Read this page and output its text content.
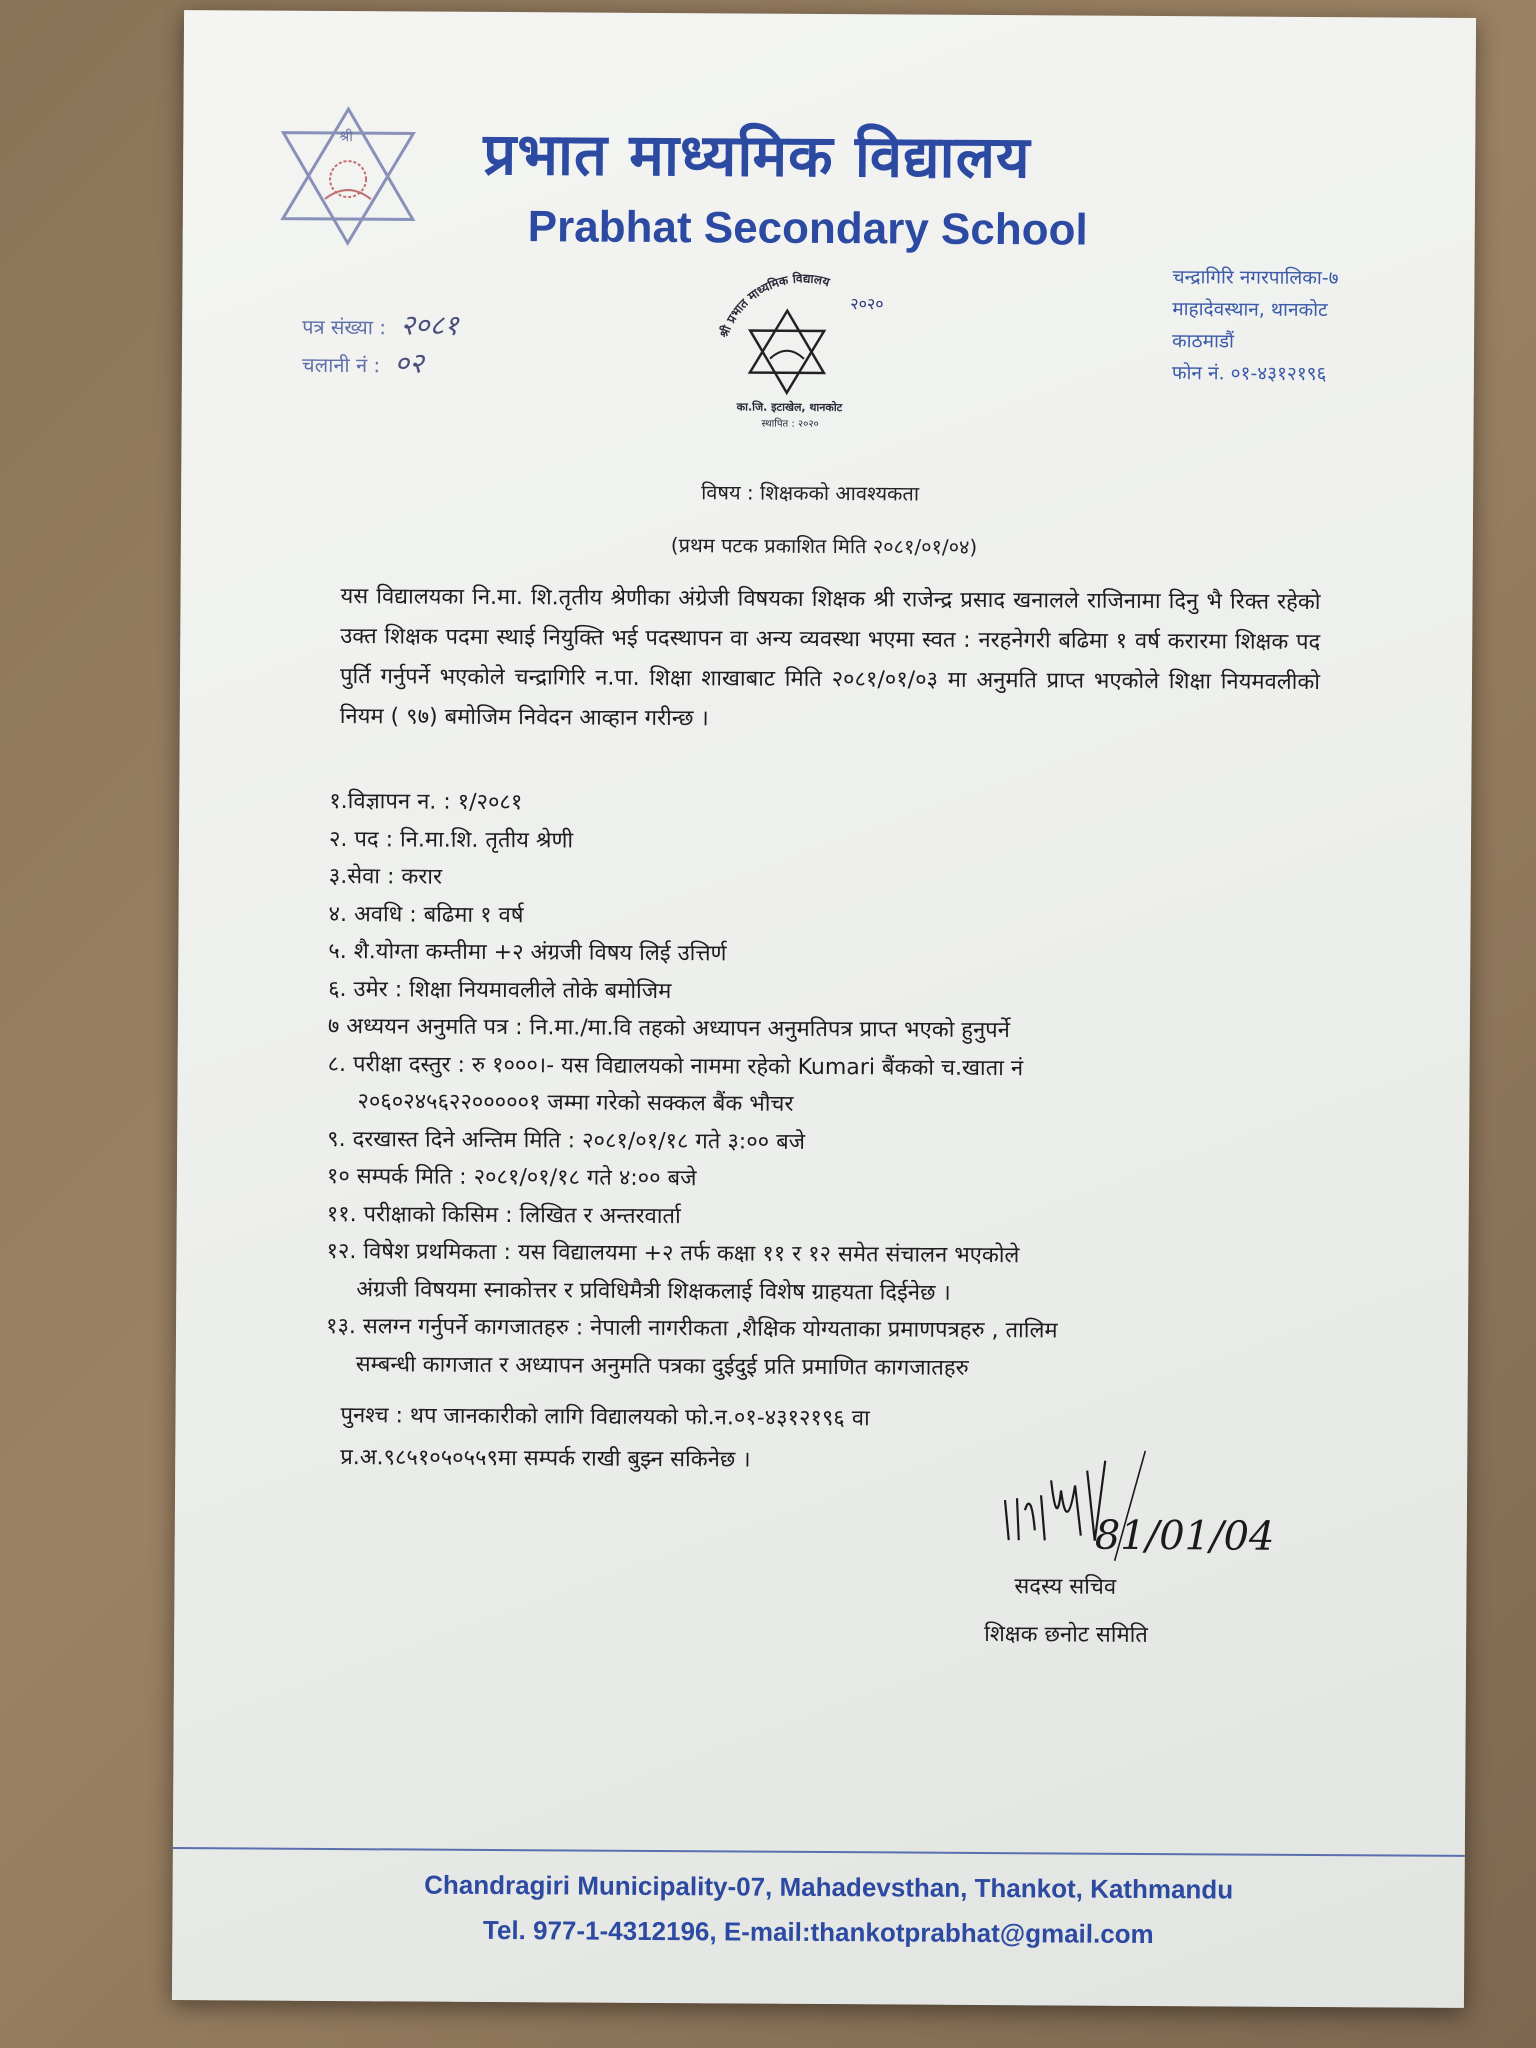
श्री प्रभात माध्यमिक विद्यालय
Prabhat Secondary School
चन्द्रागिरि नगरपालिका-७
माहादेवस्थान, थानकोट
काठमाडौं
फोन नं. ०१-४३१२१९६
पत्र संख्या : २०८१
चलानी नं : ०२
श्री प्रभात माध्यमिक विद्यालय
२०२०
का.जि. इटाखेल, थानकोट
स्थापित : २०२०
विषय : शिक्षकको आवश्यकता
(प्रथम पटक प्रकाशित मिति २०८१/०१/०४)

यस विद्यालयका नि.मा. शि.तृतीय श्रेणीका अंग्रेजी विषयका शिक्षक श्री राजेन्द्र प्रसाद खनालले राजिनामा दिनु भै रिक्त रहेको उक्त शिक्षक पदमा स्थाई नियुक्ति भई पदस्थापन वा अन्य व्यवस्था भएमा स्वत : नरहनेगरी बढिमा १ वर्ष करारमा शिक्षक पद पुर्ति गर्नुपर्ने भएकोले चन्द्रागिरि न.पा. शिक्षा शाखाबाट मिति २०८१/०१/०३ मा अनुमति प्राप्त भएकोले शिक्षा नियमवलीको नियम ( ९७) बमोजिम निवेदन आव्हान गरीन्छ ।

१.विज्ञापन न. : १/२०८१
२. पद : नि.मा.शि. तृतीय श्रेणी
३.सेवा : करार
४. अवधि : बढिमा १ वर्ष
५. शै.योग्ता कम्तीमा +२ अंग्रजी विषय लिई उत्तिर्ण
६. उमेर : शिक्षा नियमावलीले तोके बमोजिम
७ अध्ययन अनुमति पत्र : नि.मा./मा.वि तहको अध्यापन अनुमतिपत्र प्राप्त भएको हुनुपर्ने
८. परीक्षा दस्तुर : रु १०००।- यस विद्यालयको नाममा रहेको Kumari बैंकको च.खाता नं
२०६०२४५६२२०००००१ जम्मा गरेको सक्कल बैंक भौचर
९. दरखास्त दिने अन्तिम मिति : २०८१/०१/१८ गते ३:०० बजे
१० सम्पर्क मिति : २०८१/०१/१८ गते ४:०० बजे
११. परीक्षाको किसिम : लिखित र अन्तरवार्ता
१२. विषेश प्रथमिकता : यस विद्यालयमा +२ तर्फ कक्षा ११ र १२ समेत संचालन भएकोले
अंग्रजी विषयमा स्नाकोत्तर र प्रविधिमैत्री शिक्षकलाई विशेष ग्राहयता दिईनेछ ।
१३. सलग्न गर्नुपर्ने कागजातहरु : नेपाली नागरीकता ,शैक्षिक योग्यताका प्रमाणपत्रहरु , तालिम
सम्बन्धी कागजात र अध्यापन अनुमति पत्रका दुईदुई प्रति प्रमाणित कागजातहरु
पुनश्च : थप जानकारीको लागि विद्यालयको फो.न.०१-४३१२१९६ वा
प्र.अ.९८५१०५०५५९मा सम्पर्क राखी बुझ्न सकिनेछ ।
81/01/04
सदस्य सचिव
शिक्षक छनोट समिति
Chandragiri Municipality-07, Mahadevsthan, Thankot, Kathmandu
Tel. 977-1-4312196, E-mail:thankotprabhat@gmail.com
